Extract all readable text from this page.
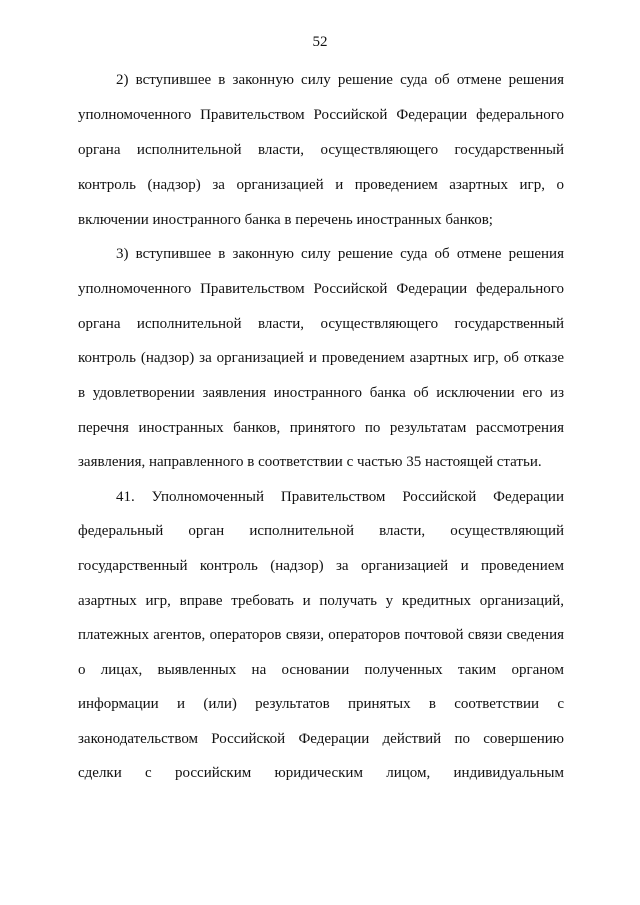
52
2) вступившее в законную силу решение суда об отмене решения
уполномоченного Правительством Российской Федерации федерального
органа исполнительной власти, осуществляющего государственный
контроль (надзор) за организацией и проведением азартных игр, о
включении иностранного банка в перечень иностранных банков;
3) вступившее в законную силу решение суда об отмене решения
уполномоченного Правительством Российской Федерации федерального
органа исполнительной власти, осуществляющего государственный
контроль (надзор) за организацией и проведением азартных игр, об отказе
в удовлетворении заявления иностранного банка об исключении его из
перечня иностранных банков, принятого по результатам рассмотрения
заявления, направленного в соответствии с частью 35 настоящей статьи.
41. Уполномоченный Правительством Российской Федерации
федеральный орган исполнительной власти, осуществляющий
государственный контроль (надзор) за организацией и проведением
азартных игр, вправе требовать и получать у кредитных организаций,
платежных агентов, операторов связи, операторов почтовой связи сведения
о лицах, выявленных на основании полученных таким органом
информации и (или) результатов принятых в соответствии с
законодательством Российской Федерации действий по совершению
сделки с российским юридическим лицом, индивидуальным
